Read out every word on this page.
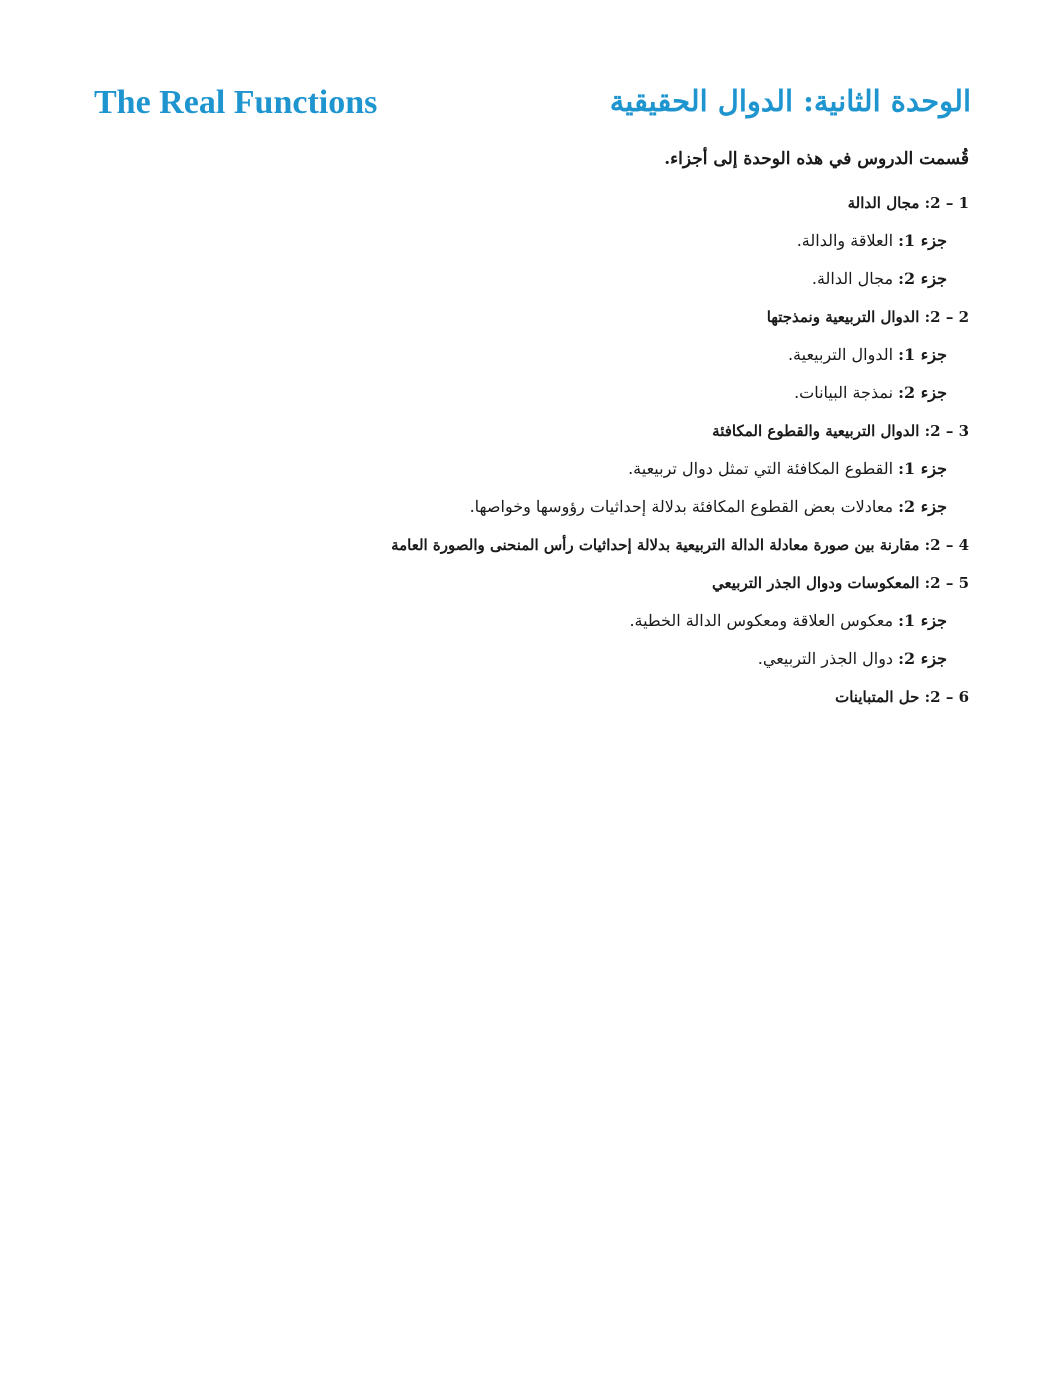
الوحدة الثانية: الدوال الحقيقية
The Real Functions
قُسمت الدروس في هذه الوحدة إلى أجزاء.
1 – 2: مجال الدالة
جزء 1: العلاقة والدالة.
جزء 2: مجال الدالة.
2 – 2: الدوال التربيعية ونمذجتها
جزء 1: الدوال التربيعية.
جزء 2: نمذجة البيانات.
3 – 2: الدوال التربيعية والقطوع المكافئة
جزء 1: القطوع المكافئة التي تمثل دوال تربيعية.
جزء 2: معادلات بعض القطوع المكافئة بدلالة إحداثيات رؤوسها وخواصها.
4 – 2: مقارنة بين صورة معادلة الدالة التربيعية بدلالة إحداثيات رأس المنحنى والصورة العامة
5 – 2: المعكوسات ودوال الجذر التربيعي
جزء 1: معكوس العلاقة ومعكوس الدالة الخطية.
جزء 2: دوال الجذر التربيعي.
6 – 2: حل المتباينات
